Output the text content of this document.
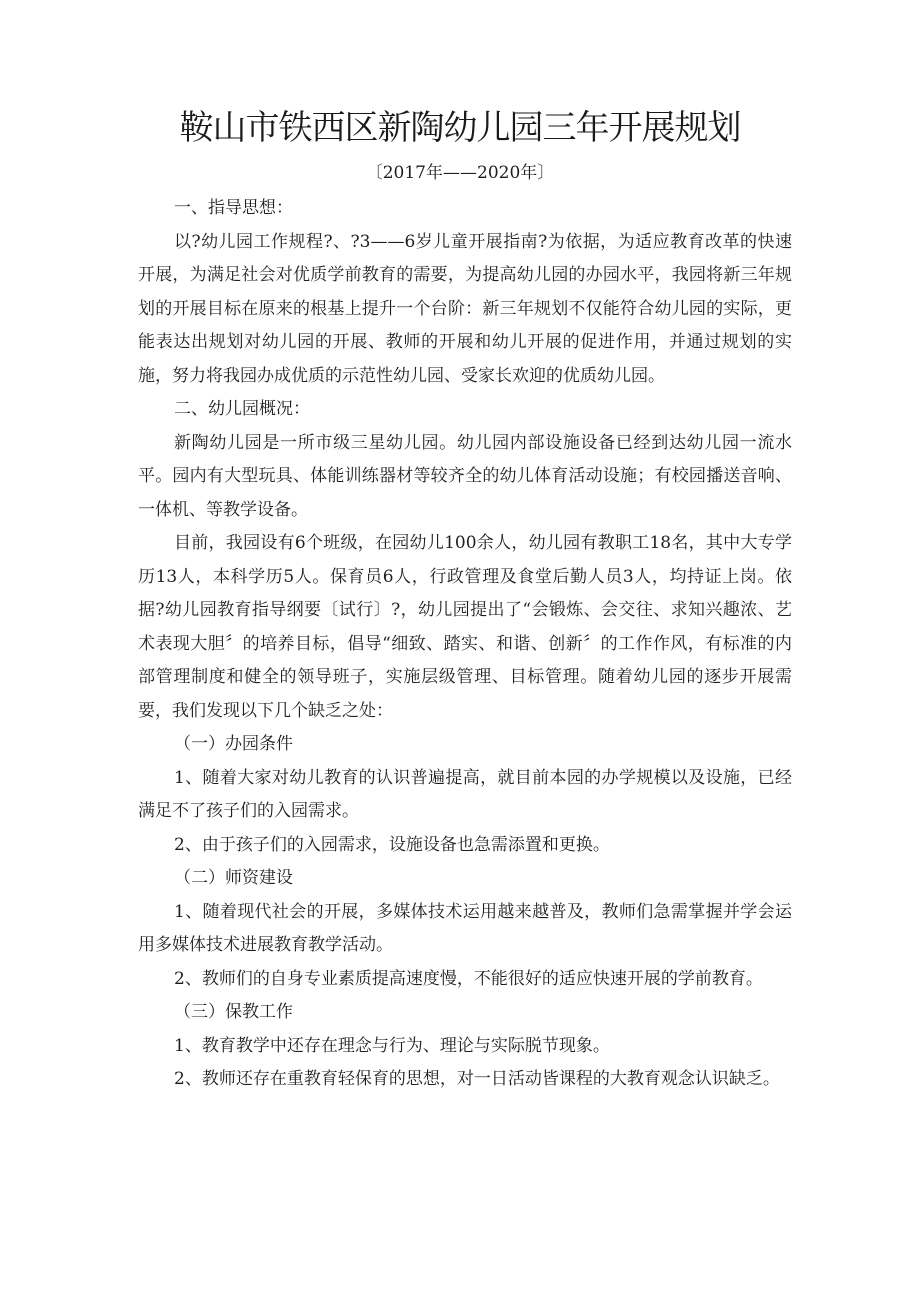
鞍山市铁西区新陶幼儿园三年开展规划

〔2017年——2020年〕

一、指导思想：

以?幼儿园工作规程?、?3——6岁儿童开展指南?为依据，为适应教育改革的快速开展，为满足社会对优质学前教育的需要，为提高幼儿园的办园水平，我园将新三年规划的开展目标在原来的根基上提升一个台阶：新三年规划不仅能符合幼儿园的实际，更能表达出规划对幼儿园的开展、教师的开展和幼儿开展的促进作用，并通过规划的实施，努力将我园办成优质的示范性幼儿园、受家长欢迎的优质幼儿园。

二、幼儿园概况：

新陶幼儿园是一所市级三星幼儿园。幼儿园内部设施设备已经到达幼儿园一流水平。园内有大型玩具、体能训练器材等较齐全的幼儿体育活动设施；有校园播送音响、一体机、等教学设备。

目前，我园设有6个班级，在园幼儿100余人，幼儿园有教职工18名，其中大专学历13人，本科学历5人。保育员6人，行政管理及食堂后勤人员3人，均持证上岗。依据?幼儿园教育指导纲要〔试行〕?，幼儿园提出了“会锻炼、会交往、求知兴趣浓、艺术表现大胆〞的培养目标，倡导“细致、踏实、和谐、创新〞的工作作风，有标准的内部管理制度和健全的领导班子，实施层级管理、目标管理。随着幼儿园的逐步开展需要，我们发现以下几个缺乏之处：

（一）办园条件

1、随着大家对幼儿教育的认识普遍提高，就目前本园的办学规模以及设施，已经满足不了孩子们的入园需求。

2、由于孩子们的入园需求，设施设备也急需添置和更换。

（二）师资建设

1、随着现代社会的开展，多媒体技术运用越来越普及，教师们急需掌握并学会运用多媒体技术进展教育教学活动。

2、教师们的自身专业素质提高速度慢，不能很好的适应快速开展的学前教育。

（三）保教工作

1、教育教学中还存在理念与行为、理论与实际脱节现象。

2、教师还存在重教育轻保育的思想，对一日活动皆课程的大教育观念认识缺乏。
